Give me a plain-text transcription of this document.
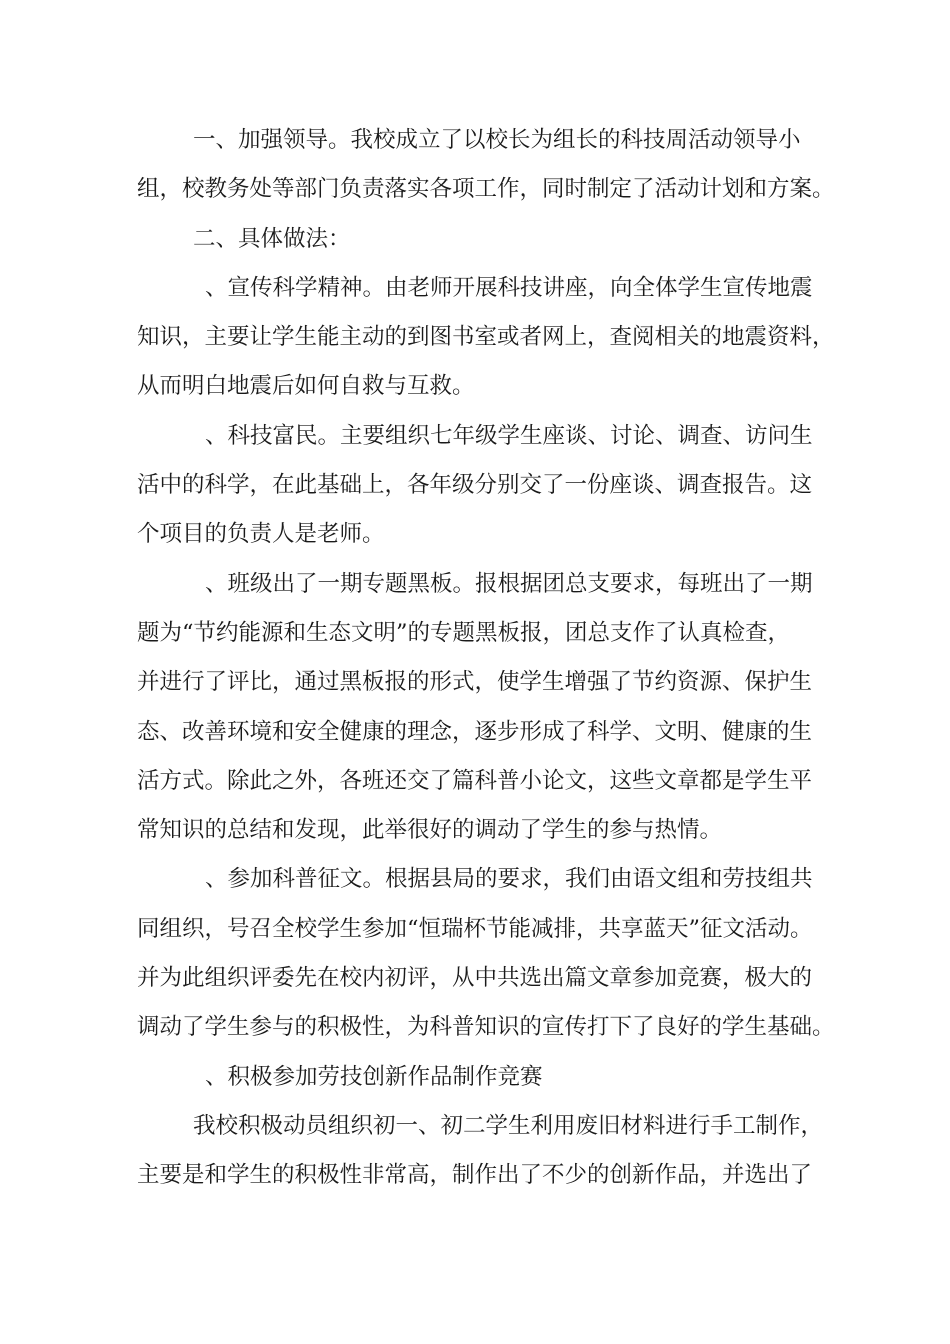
一、加强领导。我校成立了以校长为组长的科技周活动领导小
组，校教务处等部门负责落实各项工作，同时制定了活动计划和方案。
二、具体做法：
、宣传科学精神。由老师开展科技讲座，向全体学生宣传地震
知识，主要让学生能主动的到图书室或者网上，查阅相关的地震资料，
从而明白地震后如何自救与互救。
、科技富民。主要组织七年级学生座谈、讨论、调查、访问生
活中的科学，在此基础上，各年级分别交了一份座谈、调查报告。这
个项目的负责人是老师。
、班级出了一期专题黑板。报根据团总支要求，每班出了一期
题为“节约能源和生态文明”的专题黑板报，团总支作了认真检查，
并进行了评比，通过黑板报的形式，使学生增强了节约资源、保护生
态、改善环境和安全健康的理念，逐步形成了科学、文明、健康的生
活方式。除此之外，各班还交了篇科普小论文，这些文章都是学生平
常知识的总结和发现，此举很好的调动了学生的参与热情。
、参加科普征文。根据县局的要求，我们由语文组和劳技组共
同组织，号召全校学生参加“恒瑞杯节能减排，共享蓝天”征文活动。
并为此组织评委先在校内初评，从中共选出篇文章参加竞赛，极大的
调动了学生参与的积极性，为科普知识的宣传打下了良好的学生基础。
、积极参加劳技创新作品制作竞赛
我校积极动员组织初一、初二学生利用废旧材料进行手工制作，
主要是和学生的积极性非常高，制作出了不少的创新作品，并选出了
